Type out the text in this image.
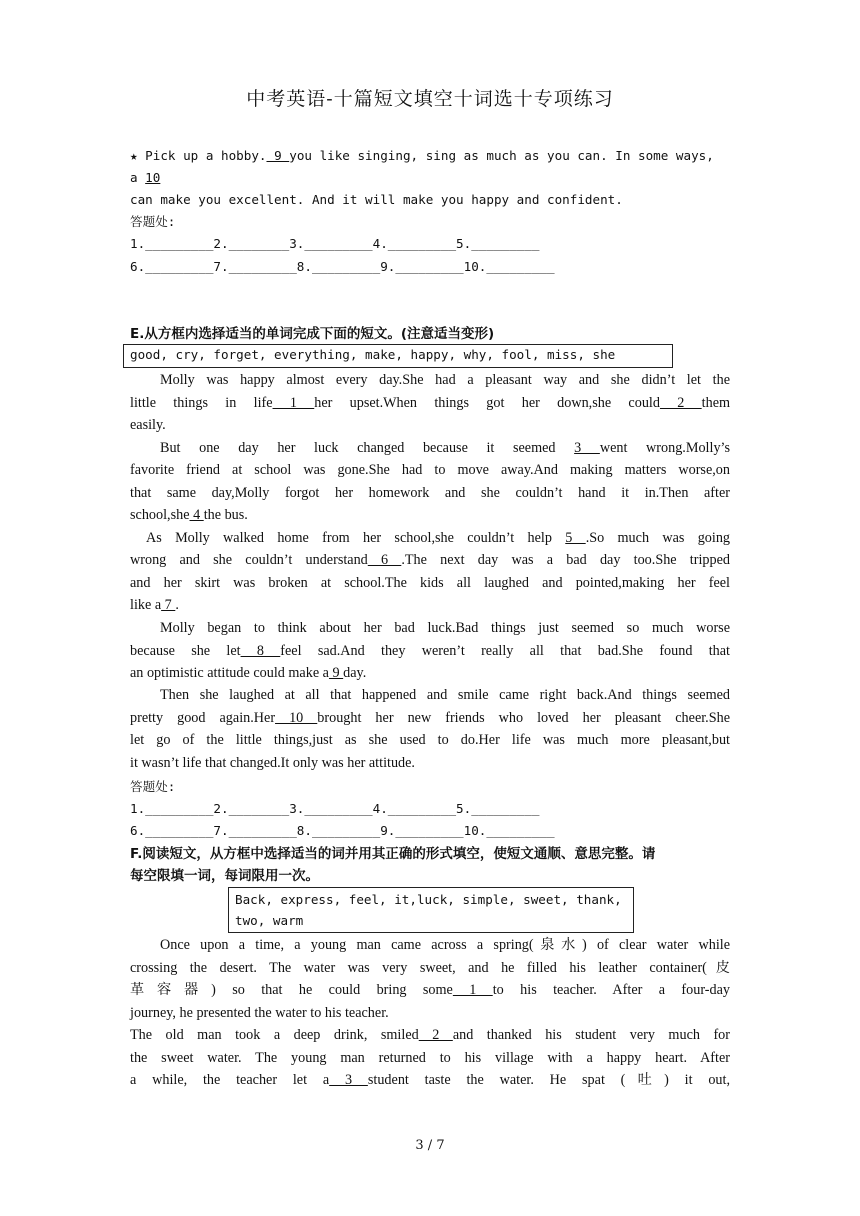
中考英语-十篇短文填空十词选十专项练习
★ Pick up a hobby. 9 you like singing, sing as much as you can. In some ways,
a 10
can make you excellent. And it will make you happy and confident.
答题处:
1._________2.________3._________4._________5._________
6._________7._________8._________9._________10._________
E.从方框内选择适当的单词完成下面的短文。(注意适当变形)
good, cry, forget, everything, make, happy, why, fool, miss, she
Molly was happy almost every day.She had a pleasant way and she didn’t let the
little things in life 1 her upset.When things got her down,she could 2 them
easily.
But one day her luck changed because it seemed 3 went wrong.Molly’s
favorite friend at school was gone.She had to move away.And making matters worse,on
that same day,Molly forgot her homework and she couldn’t hand it in.Then after
school,she 4 the bus.
As Molly walked home from her school,she couldn’t help 5 .So much was going
wrong and she couldn’t understand 6 .The next day was a bad day too.She tripped
and her skirt was broken at school.The kids all laughed and pointed,making her feel
like a 7 .
Molly began to think about her bad luck.Bad things just seemed so much worse
because she let 8 feel sad.And they weren’t really all that bad.She found that
an optimistic attitude could make a 9 day.
Then she laughed at all that happened and smile came right back.And things seemed
pretty good again.Her 10 brought her new friends who loved her pleasant cheer.She
let go of the little things,just as she used to do.Her life was much more pleasant,but
it wasn’t life that changed.It only was her attitude.
答题处:
1._________2.________3._________4._________5._________
6._________7._________8._________9._________10._________
F.阅读短文，从方框中选择适当的词并用其正确的形式填空，使短文通顺、意思完整。请
每空限填一词，每词限用一次。
Back, express, feel, it,luck, simple, sweet, thank,
two, warm
Once upon a time, a young man came across a spring(泉水) of clear water while
crossing the desert. The water was very sweet, and he filled his leather container(皮
革容器) so that he could bring some 1 to his teacher. After a four-day
journey, he presented the water to his teacher.
The old man took a deep drink, smiled 2 and thanked his student very much for
the sweet water. The young man returned to his village with a happy heart. After
a while, the teacher let a 3 student taste the water. He spat (吐) it out,
3 / 7
